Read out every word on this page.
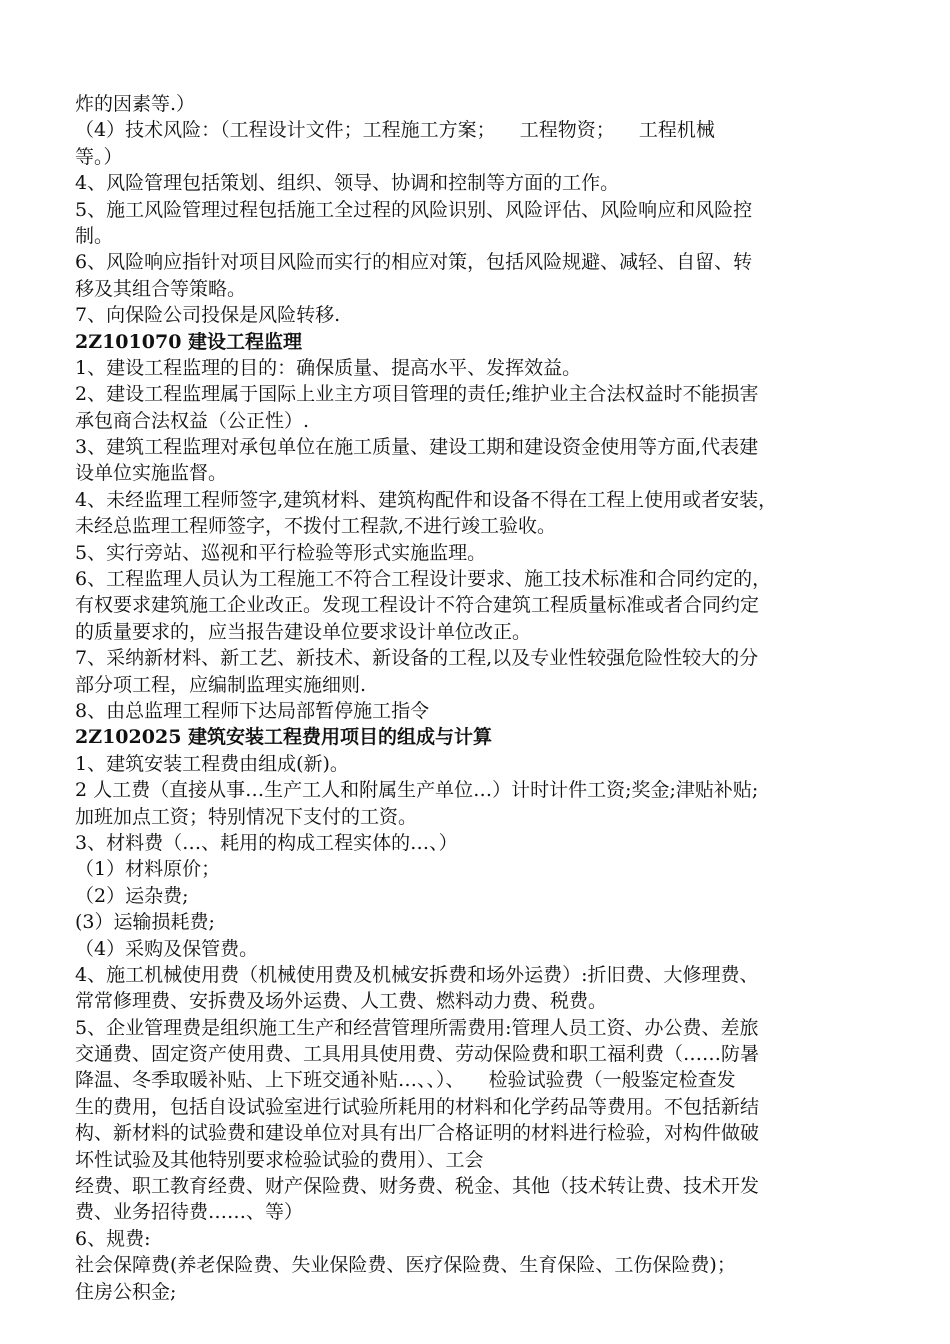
炸的因素等.）
（4）技术风险：（工程设计文件；工程施工方案；    工程物资；    工程机械
等。）
4、风险管理包括策划、组织、领导、协调和控制等方面的工作。
5、施工风险管理过程包括施工全过程的风险识别、风险评估、风险响应和风险控
制。
6、风险响应指针对项目风险而实行的相应对策，包括风险规避、减轻、自留、转
移及其组合等策略。
7、向保险公司投保是风险转移.
2Z101070 建设工程监理
1、建设工程监理的目的：确保质量、提高水平、发挥效益。
2、建设工程监理属于国际上业主方项目管理的责任;维护业主合法权益时不能损害
承包商合法权益（公正性）.
3、建筑工程监理对承包单位在施工质量、建设工期和建设资金使用等方面,代表建
设单位实施监督。
4、未经监理工程师签字,建筑材料、建筑构配件和设备不得在工程上使用或者安装，
未经总监理工程师签字，不拨付工程款,不进行竣工验收。
5、实行旁站、巡视和平行检验等形式实施监理。
6、工程监理人员认为工程施工不符合工程设计要求、施工技术标准和合同约定的，
有权要求建筑施工企业改正。发现工程设计不符合建筑工程质量标准或者合同约定
的质量要求的，应当报告建设单位要求设计单位改正。
7、采纳新材料、新工艺、新技术、新设备的工程,以及专业性较强危险性较大的分
部分项工程，应编制监理实施细则.
8、由总监理工程师下达局部暂停施工指令
2Z102025 建筑安装工程费用项目的组成与计算
1、建筑安装工程费由组成(新)。
2 人工费（直接从事…生产工人和附属生产单位…）计时计件工资;奖金;津贴补贴;
加班加点工资；特别情况下支付的工资。
3、材料费（…、耗用的构成工程实体的…、）
（1）材料原价；
（2）运杂费;
(3）运输损耗费;
（4）采购及保管费。
4、施工机械使用费（机械使用费及机械安拆费和场外运费）:折旧费、大修理费、
常常修理费、安拆费及场外运费、人工费、燃料动力费、税费。
5、企业管理费是组织施工生产和经营管理所需费用:管理人员工资、办公费、差旅
交通费、固定资产使用费、工具用具使用费、劳动保险费和职工福利费（……防暑
降温、冬季取暖补贴、上下班交通补贴…、、）、    检验试验费（一般鉴定检查发
生的费用，包括自设试验室进行试验所耗用的材料和化学药品等费用。不包括新结
构、新材料的试验费和建设单位对具有出厂合格证明的材料进行检验，对构件做破
坏性试验及其他特别要求检验试验的费用）、工会
经费、职工教育经费、财产保险费、财务费、税金、其他（技术转让费、技术开发
费、业务招待费……、等）
6、规费:
社会保障费(养老保险费、失业保险费、医疗保险费、生育保险、工伤保险费)；
住房公积金;
